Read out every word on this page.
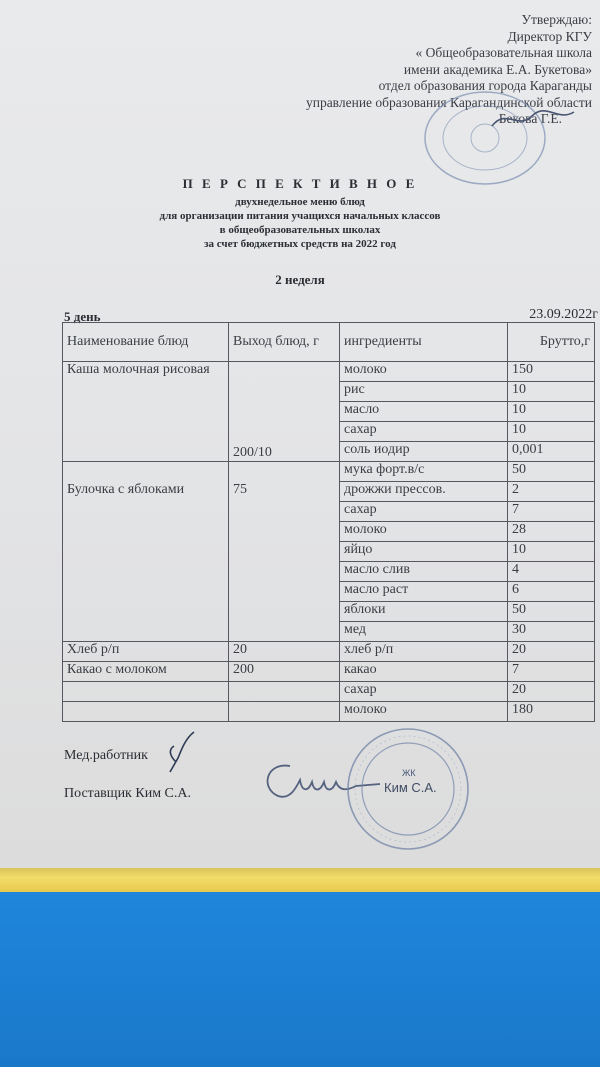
Утверждаю:
Директор КГУ
« Общеобразовательная школа
имени академика Е.А. Букетова»
отдел образования города Караганды
управление образования Карагандинской области
Бекова Г.Е.
П Е Р С П Е К Т И В Н О Е
двухнедельное меню блюд
для организации питания учащихся начальных классов
в общеобразовательных школах
за счет бюджетных средств на 2022 год
2 неделя
5 день	23.09.2022г
Наименование блюд	Выход блюд, г	ингредиенты	Брутто,г
Каша молочная рисовая	200/10	молоко	150
		рис	10
		масло	10
		сахар	10
		соль иодир	0,001
Булочка с яблоками	75	мука форт.в/с	50
		дрожжи прессов.	2
		сахар	7
		молоко	28
		яйцо	10
		масло слив	4
		масло раст	6
		яблоки	50
		мед	30
Хлеб р/п	20	хлеб р/п	20
Какао с молоком	200	какао	7
		сахар	20
		молоко	180
Мед.работник
Поставщик Ким С.А.
ЖК
Ким С.А.
